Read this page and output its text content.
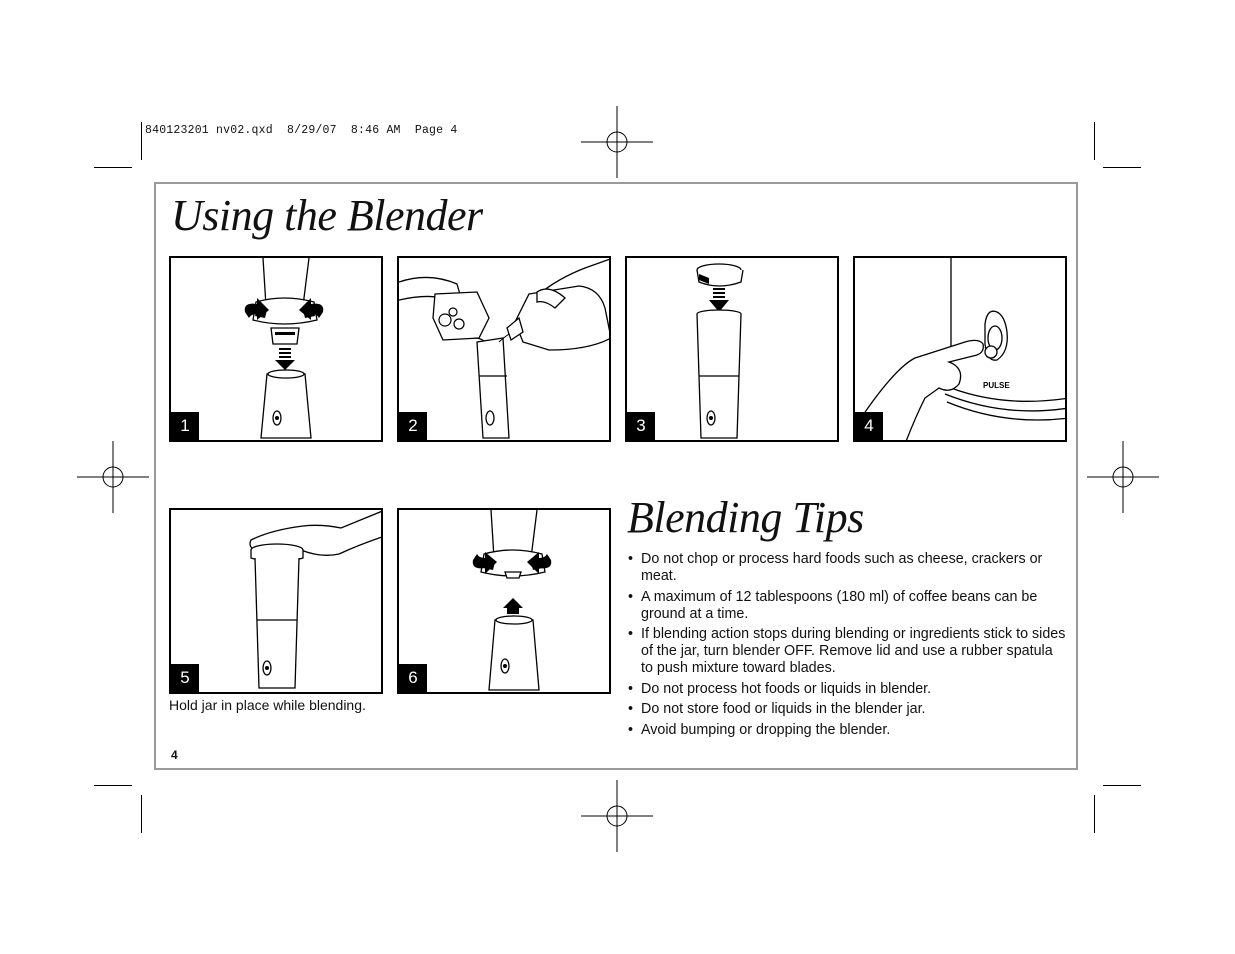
840123201 nv02.qxd  8/29/07  8:46 AM  Page 4
Using the Blender
1	2	3
PULSE
4
5	6
Hold jar in place while blending.
Blending Tips
• Do not chop or process hard foods such as cheese, crackers or meat.
• A maximum of 12 tablespoons (180 ml) of coffee beans can be ground at a time.
• If blending action stops during blending or ingredients stick to sides of the jar, turn blender OFF. Remove lid and use a rubber spatula to push mixture toward blades.
• Do not process hot foods or liquids in blender.
• Do not store food or liquids in the blender jar.
• Avoid bumping or dropping the blender.
4
